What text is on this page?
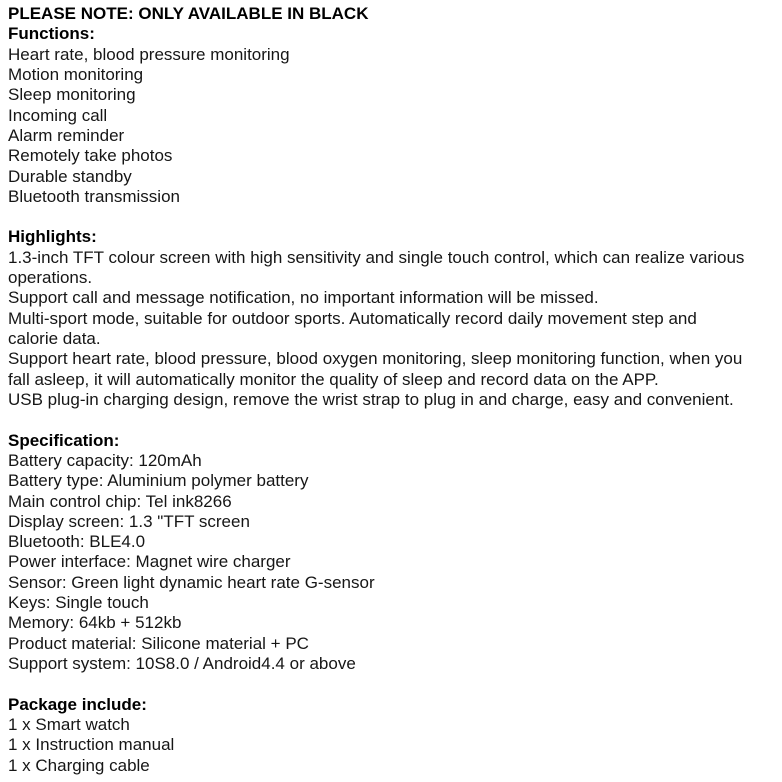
PLEASE NOTE: ONLY AVAILABLE IN BLACK
Functions:
Heart rate, blood pressure monitoring
Motion monitoring
Sleep monitoring
Incoming call
Alarm reminder
Remotely take photos
Durable standby
Bluetooth transmission
Highlights:
1.3-inch TFT colour screen with high sensitivity and single touch control, which can realize various
operations.
Support call and message notification, no important information will be missed.
Multi-sport mode, suitable for outdoor sports. Automatically record daily movement step and
calorie data.
Support heart rate, blood pressure, blood oxygen monitoring, sleep monitoring function, when you
fall asleep, it will automatically monitor the quality of sleep and record data on the APP.
USB plug-in charging design, remove the wrist strap to plug in and charge, easy and convenient.
Specification:
Battery capacity: 120mAh
Battery type: Aluminium polymer battery
Main control chip: Tel ink8266
Display screen: 1.3 "TFT screen
Bluetooth: BLE4.0
Power interface: Magnet wire charger
Sensor: Green light dynamic heart rate G-sensor
Keys: Single touch
Memory: 64kb + 512kb
Product material: Silicone material + PC
Support system: 10S8.0 / Android4.4 or above
Package include:
1 x Smart watch
1 x Instruction manual
1 x Charging cable
